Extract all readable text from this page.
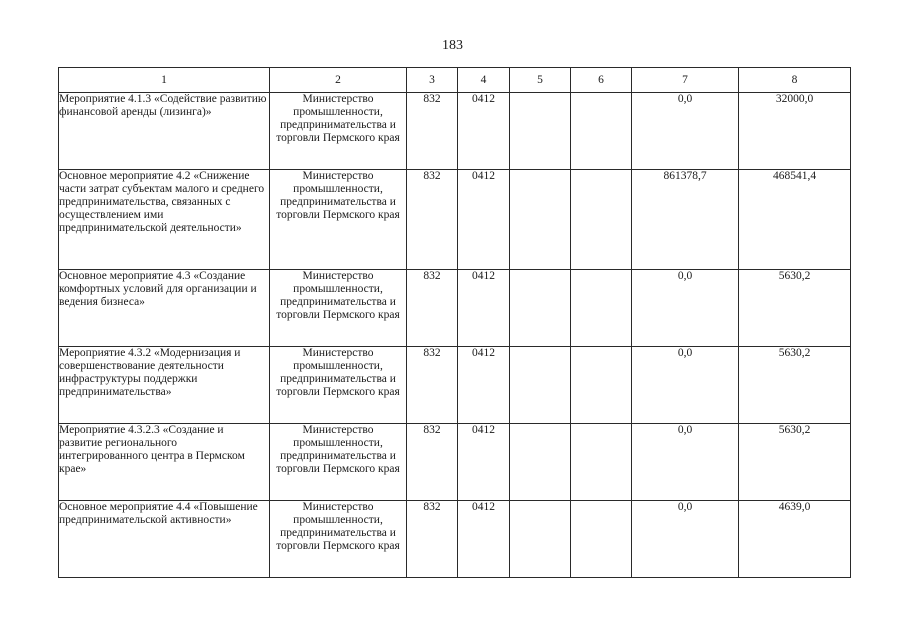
183
1	2	3	4	5	6	7	8
Мероприятие 4.1.3 «Содействие развитию финансовой аренды (лизинга)»	Министерство промышленности, предпринимательства и торговли Пермского края	832	0412			0,0	32000,0
Основное мероприятие 4.2 «Снижение части затрат субъектам малого и среднего предпринимательства, связанных с осуществлением ими предпринимательской деятельности»	Министерство промышленности, предпринимательства и торговли Пермского края	832	0412			861378,7	468541,4
Основное мероприятие 4.3 «Создание комфортных условий для организации и ведения бизнеса»	Министерство промышленности, предпринимательства и торговли Пермского края	832	0412			0,0	5630,2
Мероприятие 4.3.2 «Модернизация и совершенствование деятельности инфраструктуры поддержки предпринимательства»	Министерство промышленности, предпринимательства и торговли Пермского края	832	0412			0,0	5630,2
Мероприятие 4.3.2.3 «Создание и развитие регионального интегрированного центра в Пермском крае»	Министерство промышленности, предпринимательства и торговли Пермского края	832	0412			0,0	5630,2
Основное мероприятие 4.4 «Повышение предпринимательской активности»	Министерство промышленности, предпринимательства и торговли Пермского края	832	0412			0,0	4639,0
